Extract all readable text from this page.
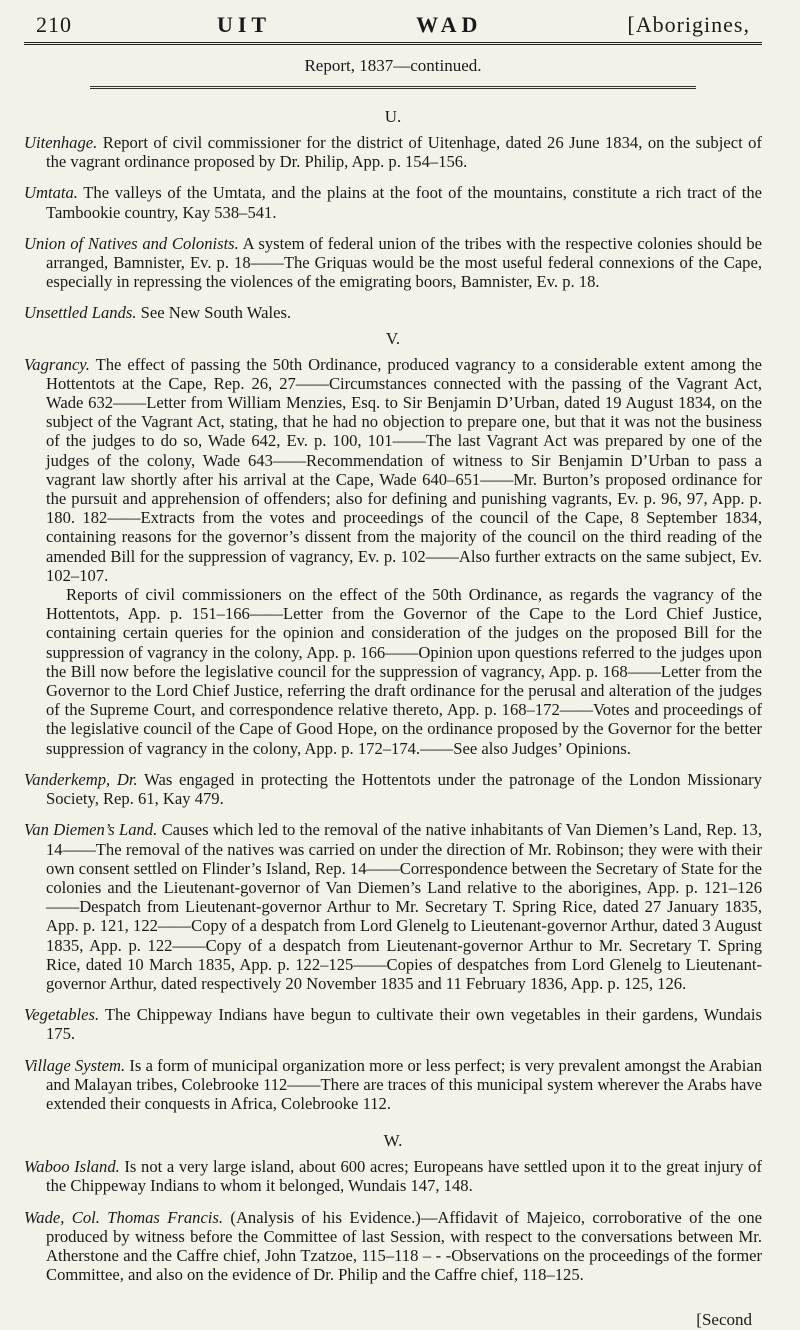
210	UIT	WAD	[Aborigines,
Report, 1837—continued.
U.

Uitenhage. Report of civil commissioner for the district of Uitenhage, dated 26 June 1834, on the subject of the vagrant ordinance proposed by Dr. Philip, App. p. 154–156.

Umtata. The valleys of the Umtata, and the plains at the foot of the mountains, constitute a rich tract of the Tambookie country, Kay 538–541.

Union of Natives and Colonists. A system of federal union of the tribes with the respective colonies should be arranged, Bamnister, Ev. p. 18——The Griquas would be the most useful federal connexions of the Cape, especially in repressing the violences of the emigrating boors, Bamnister, Ev. p. 18.

Unsettled Lands. See New South Wales.

V.

Vagrancy. The effect of passing the 50th Ordinance, produced vagrancy to a considerable extent among the Hottentots at the Cape, Rep. 26, 27——Circumstances connected with the passing of the Vagrant Act, Wade 632——Letter from William Menzies, Esq. to Sir Benjamin D’Urban, dated 19 August 1834, on the subject of the Vagrant Act, stating, that he had no objection to prepare one, but that it was not the business of the judges to do so, Wade 642, Ev. p. 100, 101——The last Vagrant Act was prepared by one of the judges of the colony, Wade 643——Recommendation of witness to Sir Benjamin D’Urban to pass a vagrant law shortly after his arrival at the Cape, Wade 640–651——Mr. Burton’s proposed ordinance for the pursuit and apprehension of offenders; also for defining and punishing vagrants, Ev. p. 96, 97, App. p. 180. 182——Extracts from the votes and proceedings of the council of the Cape, 8 September 1834, containing reasons for the governor’s dissent from the majority of the council on the third reading of the amended Bill for the suppression of vagrancy, Ev. p. 102——Also further extracts on the same subject, Ev. 102–107.

Reports of civil commissioners on the effect of the 50th Ordinance, as regards the vagrancy of the Hottentots, App. p. 151–166——Letter from the Governor of the Cape to the Lord Chief Justice, containing certain queries for the opinion and consideration of the judges on the proposed Bill for the suppression of vagrancy in the colony, App. p. 166——Opinion upon questions referred to the judges upon the Bill now before the legislative council for the suppression of vagrancy, App. p. 168——Letter from the Governor to the Lord Chief Justice, referring the draft ordinance for the perusal and alteration of the judges of the Supreme Court, and correspondence relative thereto, App. p. 168–172——Votes and proceedings of the legislative council of the Cape of Good Hope, on the ordinance proposed by the Governor for the better suppression of vagrancy in the colony, App. p. 172–174.——See also Judges’ Opinions.

Vanderkemp, Dr. Was engaged in protecting the Hottentots under the patronage of the London Missionary Society, Rep. 61, Kay 479.

Van Diemen’s Land. Causes which led to the removal of the native inhabitants of Van Diemen’s Land, Rep. 13, 14——The removal of the natives was carried on under the direction of Mr. Robinson; they were with their own consent settled on Flinder’s Island, Rep. 14——Correspondence between the Secretary of State for the colonies and the Lieutenant-governor of Van Diemen’s Land relative to the aborigines, App. p. 121–126——Despatch from Lieutenant-governor Arthur to Mr. Secretary T. Spring Rice, dated 27 January 1835, App. p. 121, 122——Copy of a despatch from Lord Glenelg to Lieutenant-governor Arthur, dated 3 August 1835, App. p. 122——Copy of a despatch from Lieutenant-governor Arthur to Mr. Secretary T. Spring Rice, dated 10 March 1835, App. p. 122–125——Copies of despatches from Lord Glenelg to Lieutenant-governor Arthur, dated respectively 20 November 1835 and 11 February 1836, App. p. 125, 126.

Vegetables. The Chippeway Indians have begun to cultivate their own vegetables in their gardens, Wundais 175.

Village System. Is a form of municipal organization more or less perfect; is very prevalent amongst the Arabian and Malayan tribes, Colebrooke 112——There are traces of this municipal system wherever the Arabs have extended their conquests in Africa, Colebrooke 112.

W.

Waboo Island. Is not a very large island, about 600 acres; Europeans have settled upon it to the great injury of the Chippeway Indians to whom it belonged, Wundais 147, 148.

Wade, Col. Thomas Francis. (Analysis of his Evidence.)—Affidavit of Majeico, corroborative of the one produced by witness before the Committee of last Session, with respect to the conversations between Mr. Atherstone and the Caffre chief, John Tzatzoe, 115–118 – - -Observations on the proceedings of the former Committee, and also on the evidence of Dr. Philip and the Caffre chief, 118–125.

[Second
